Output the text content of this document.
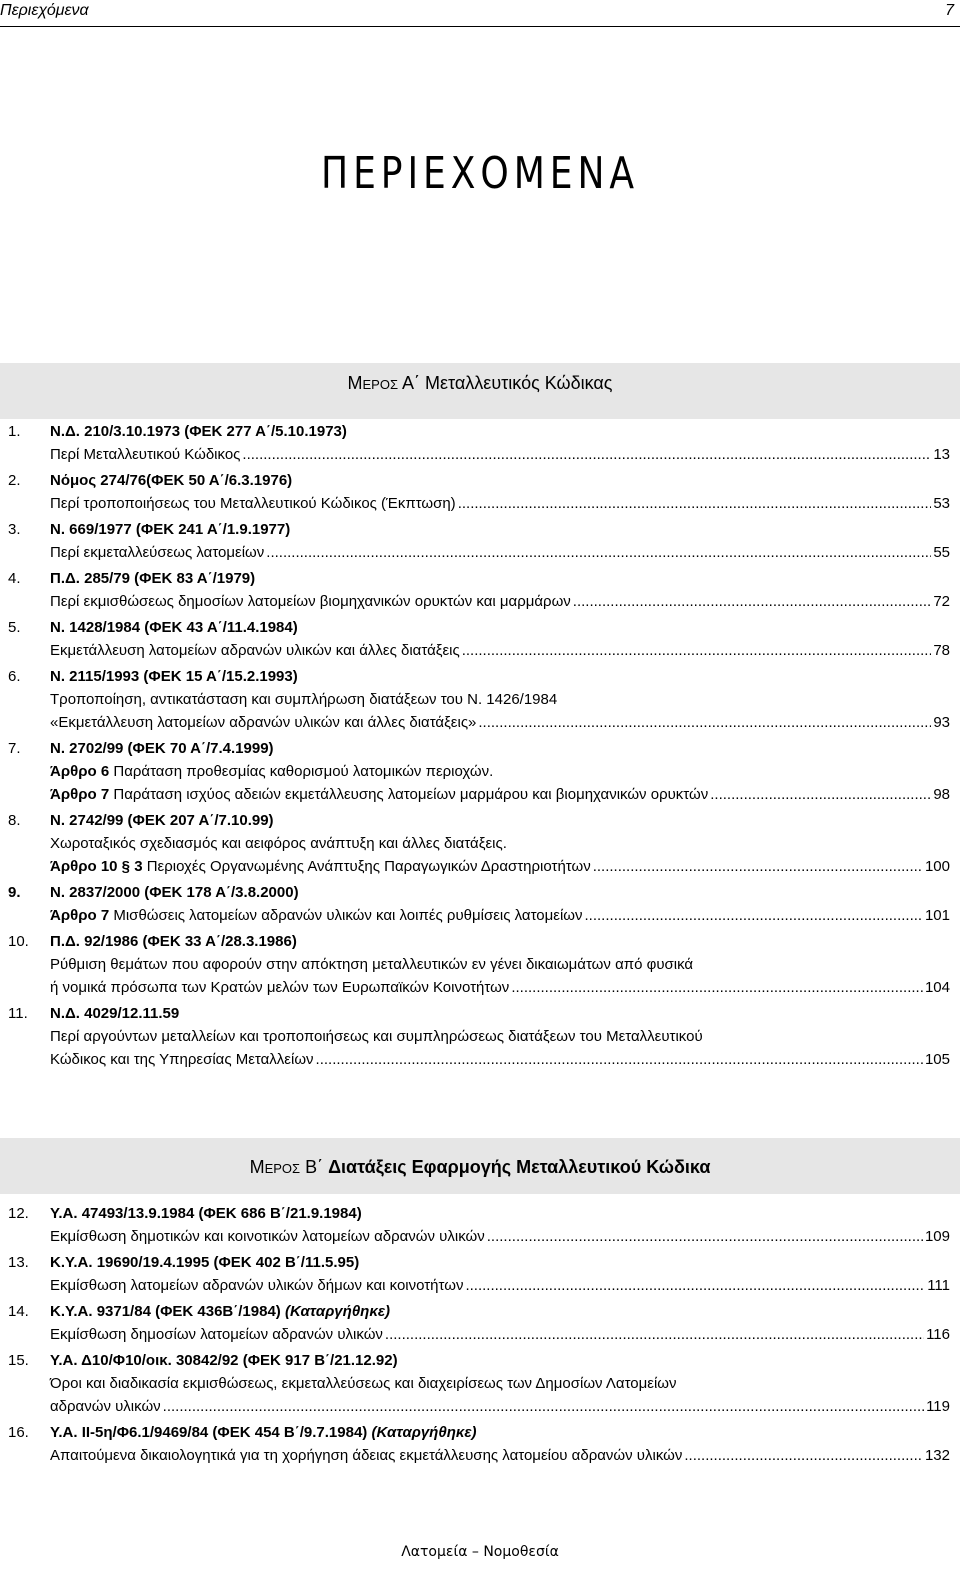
Περιεχόμενα	7
ΠΕΡΙΕΧΟΜΕΝΑ
Μερος Α΄ Μεταλλευτικός Κώδικας
1. Ν.Δ. 210/3.10.1973 (ΦΕΚ 277 Α΄/5.10.1973)
Περί Μεταλλευτικού Κώδικος .....	13
2. Νόμος 274/76(ΦΕΚ 50 Α΄/6.3.1976)
Περί τροποποιήσεως του Μεταλλευτικού Κώδικος (Έκπτωση) .....	53
3. Ν. 669/1977 (ΦΕΚ 241 Α΄/1.9.1977)
Περί εκμεταλλεύσεως λατομείων .....	55
4. Π.Δ. 285/79 (ΦΕΚ 83 Α΄/1979)
Περί εκμισθώσεως δημοσίων λατομείων βιομηχανικών ορυκτών και μαρμάρων .....	72
5. Ν. 1428/1984 (ΦΕΚ 43 Α΄/11.4.1984)
Εκμετάλλευση λατομείων αδρανών υλικών και άλλες διατάξεις .....	78
6. Ν. 2115/1993 (ΦΕΚ 15 Α΄/15.2.1993)
Τροποποίηση, αντικατάσταση και συμπλήρωση διατάξεων του Ν. 1426/1984
«Εκμετάλλευση λατομείων αδρανών υλικών και άλλες διατάξεις» .....	93
7. Ν. 2702/99 (ΦΕΚ 70 Α΄/7.4.1999)
Άρθρο 6 Παράταση προθεσμίας καθορισμού λατομικών περιοχών.
Άρθρο 7 Παράταση ισχύος αδειών εκμετάλλευσης λατομείων μαρμάρου και βιομηχανικών ορυκτών .....	98
8. Ν. 2742/99 (ΦΕΚ 207 Α΄/7.10.99)
Χωροταξικός σχεδιασμός και αειφόρος ανάπτυξη και άλλες διατάξεις.
Άρθρο 10 § 3 Περιοχές Οργανωμένης Ανάπτυξης Παραγωγικών Δραστηριοτήτων .....	100
9. Ν. 2837/2000 (ΦΕΚ 178 Α΄/3.8.2000)
Άρθρο 7 Μισθώσεις λατομείων αδρανών υλικών και λοιπές ρυθμίσεις λατομείων .....	101
10. Π.Δ. 92/1986 (ΦΕΚ 33 Α΄/28.3.1986)
Ρύθμιση θεμάτων που αφορούν στην απόκτηση μεταλλευτικών εν γένει δικαιωμάτων από φυσικά
ή νομικά πρόσωπα των Κρατών μελών των Ευρωπαϊκών Κοινοτήτων .....	104
11. Ν.Δ. 4029/12.11.59
Περί αργούντων μεταλλείων και τροποποιήσεως και συμπληρώσεως διατάξεων του Μεταλλευτικού
Κώδικος και της Υπηρεσίας Μεταλλείων .....	105
Μερος Β΄ Διατάξεις Εφαρμογής Μεταλλευτικού Κώδικα
12. Υ.Α. 47493/13.9.1984 (ΦΕΚ 686 Β΄/21.9.1984)
Εκμίσθωση δημοτικών και κοινοτικών λατομείων αδρανών υλικών .....	109
13. Κ.Υ.Α. 19690/19.4.1995 (ΦΕΚ 402 Β΄/11.5.95)
Εκμίσθωση λατομείων αδρανών υλικών δήμων και κοινοτήτων .....	111
14. Κ.Υ.Α. 9371/84 (ΦΕΚ 436Β΄/1984) (Καταργήθηκε)
Εκμίσθωση δημοσίων λατομείων αδρανών υλικών .....	116
15. Υ.Α. Δ10/Φ10/οικ. 30842/92 (ΦΕΚ 917 Β΄/21.12.92)
Όροι και διαδικασία εκμισθώσεως, εκμεταλλεύσεως και διαχειρίσεως των Δημοσίων Λατομείων
αδρανών υλικών .....	119
16. Υ.Α. ΙΙ-5η/Φ6.1/9469/84 (ΦΕΚ 454 Β΄/9.7.1984) (Καταργήθηκε)
Απαιτούμενα δικαιολογητικά για τη χορήγηση άδειας εκμετάλλευσης λατομείου αδρανών υλικών .....	132
Λατομεία – Νομοθεσία
